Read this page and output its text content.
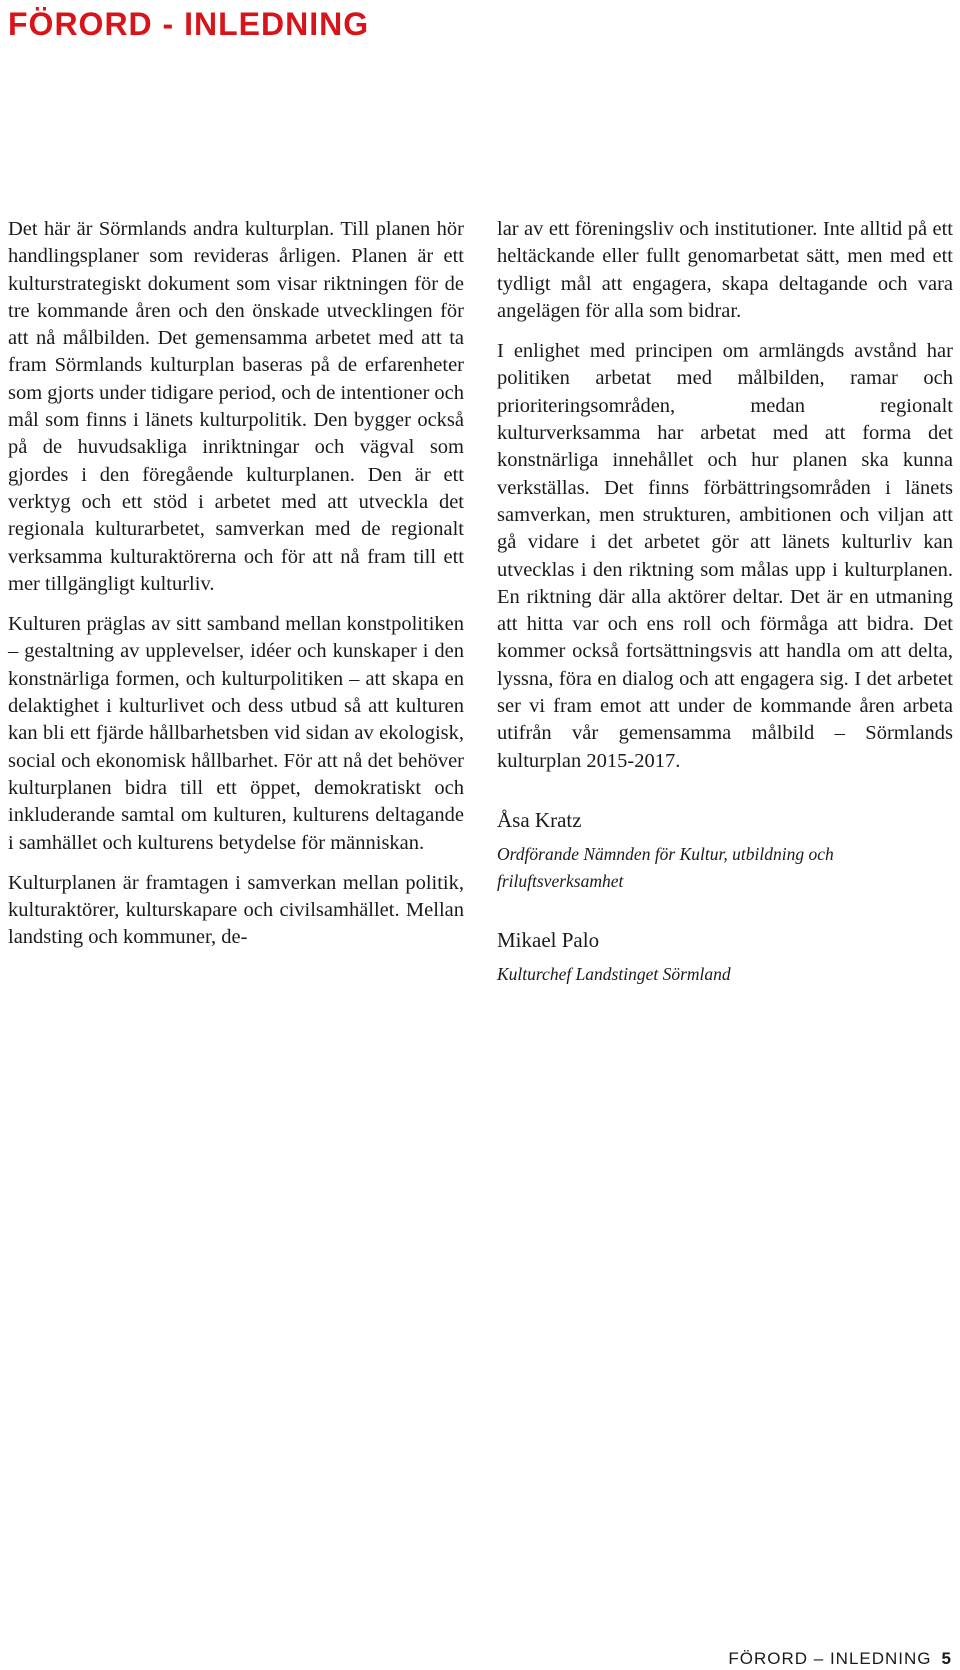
FÖRORD - INLEDNING

Det här är Sörmlands andra kulturplan. Till planen hör handlingsplaner som revideras årligen. Planen är ett kulturstrategiskt dokument som visar riktningen för de tre kommande åren och den önskade utvecklingen för att nå målbilden. Det gemensamma arbetet med att ta fram Sörmlands kulturplan baseras på de erfarenheter som gjorts under tidigare period, och de intentioner och mål som finns i länets kulturpolitik. Den bygger också på de huvudsakliga inriktningar och vägval som gjordes i den föregående kulturplanen. Den är ett verktyg och ett stöd i arbetet med att utveckla det regionala kulturarbetet, samverkan med de regionalt verksamma kulturaktörerna och för att nå fram till ett mer tillgängligt kulturliv.

Kulturen präglas av sitt samband mellan konstpolitiken – gestaltning av upplevelser, idéer och kunskaper i den konstnärliga formen, och kulturpolitiken – att skapa en delaktighet i kulturlivet och dess utbud så att kulturen kan bli ett fjärde hållbarhetsben vid sidan av ekologisk, social och ekonomisk hållbarhet. För att nå det behöver kulturplanen bidra till ett öppet, demokratiskt och inkluderande samtal om kulturen, kulturens deltagande i samhället och kulturens betydelse för människan.

Kulturplanen är framtagen i samverkan mellan politik, kulturaktörer, kulturskapare och civilsamhället. Mellan landsting och kommuner, de-

lar av ett föreningsliv och institutioner. Inte alltid på ett heltäckande eller fullt genomarbetat sätt, men med ett tydligt mål att engagera, skapa deltagande och vara angelägen för alla som bidrar.

I enlighet med principen om armlängds avstånd har politiken arbetat med målbilden, ramar och prioriteringsområden, medan regionalt kulturverksamma har arbetat med att forma det konstnärliga innehållet och hur planen ska kunna verkställas. Det finns förbättringsområden i länets samverkan, men strukturen, ambitionen och viljan att gå vidare i det arbetet gör att länets kulturliv kan utvecklas i den riktning som målas upp i kulturplanen. En riktning där alla aktörer deltar. Det är en utmaning att hitta var och ens roll och förmåga att bidra. Det kommer också fortsättningsvis att handla om att delta, lyssna, föra en dialog och att engagera sig. I det arbetet ser vi fram emot att under de kommande åren arbeta utifrån vår gemensamma målbild – Sörmlands kulturplan 2015-2017.

Åsa Kratz
Ordförande Nämnden för Kultur, utbildning och friluftsverksamhet
Mikael Palo
Kulturchef Landstinget Sörmland
FÖRORD – INLEDNING 5
